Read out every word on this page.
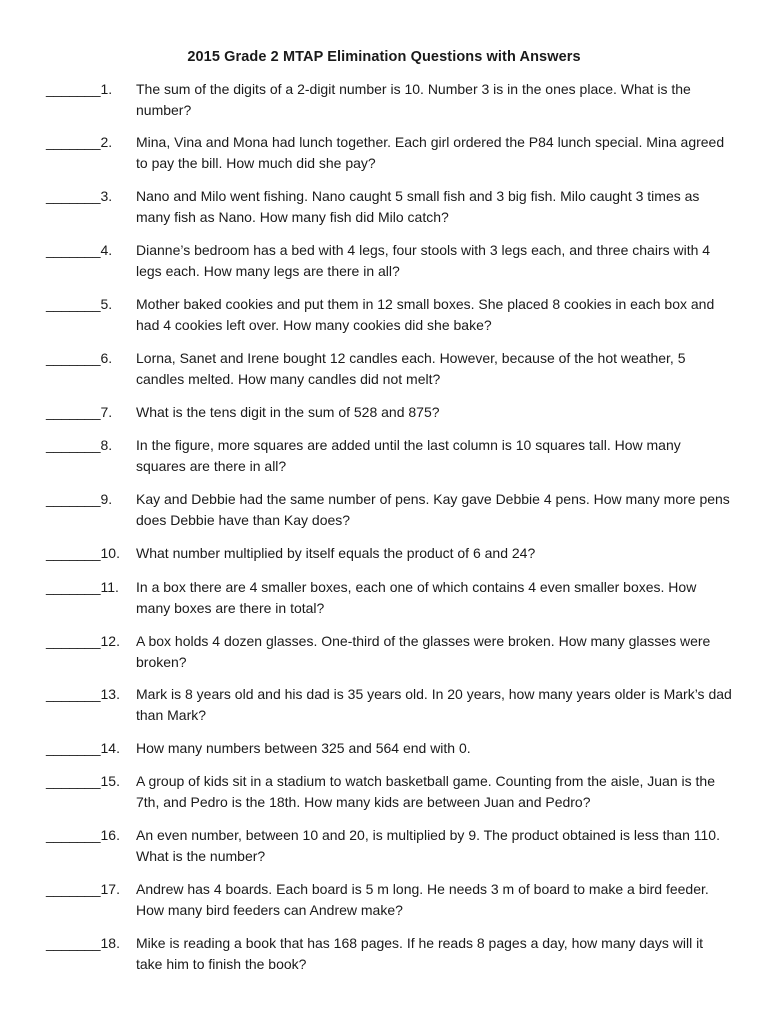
2015 Grade 2 MTAP Elimination Questions with Answers
_______1.	The sum of the digits of a 2-digit number is 10. Number 3 is in the ones place. What is the number?
_______2.	Mina, Vina and Mona had lunch together. Each girl ordered the P84 lunch special. Mina agreed to pay the bill. How much did she pay?
_______3.	Nano and Milo went fishing. Nano caught 5 small fish and 3 big fish. Milo caught 3 times as many fish as Nano. How many fish did Milo catch?
_______4.	Dianne’s bedroom has a bed with 4 legs, four stools with 3 legs each, and three chairs with 4 legs each. How many legs are there in all?
_______5.	Mother baked cookies and put them in 12 small boxes. She placed 8 cookies in each box and had 4 cookies left over. How many cookies did she bake?
_______6.	Lorna, Sanet and Irene bought 12 candles each. However, because of the hot weather, 5 candles melted. How many candles did not melt?
_______7.	What is the tens digit in the sum of 528 and 875?
_______8.	In the figure, more squares are added until the last column is 10 squares tall. How many squares are there in all?
_______9.	Kay and Debbie had the same number of pens. Kay gave Debbie 4 pens. How many more pens does Debbie have than Kay does?
_______10.	What number multiplied by itself equals the product of 6 and 24?
_______11.	In a box there are 4 smaller boxes, each one of which contains 4 even smaller boxes. How many boxes are there in total?
_______12.	A box holds 4 dozen glasses. One-third of the glasses were broken. How many glasses were broken?
_______13.	Mark is 8 years old and his dad is 35 years old. In 20 years, how many years older is Mark’s dad than Mark?
_______14.	How many numbers between 325 and 564 end with 0.
_______15.	A group of kids sit in a stadium to watch basketball game. Counting from the aisle, Juan is the 7th, and Pedro is the 18th. How many kids are between Juan and Pedro?
_______16.	An even number, between 10 and 20, is multiplied by 9. The product obtained is less than 110. What is the number?
_______17.	Andrew has 4 boards. Each board is 5 m long. He needs 3 m of board to make a bird feeder. How many bird feeders can Andrew make?
_______18.	Mike is reading a book that has 168 pages. If he reads 8 pages a day, how many days will it take him to finish the book?
